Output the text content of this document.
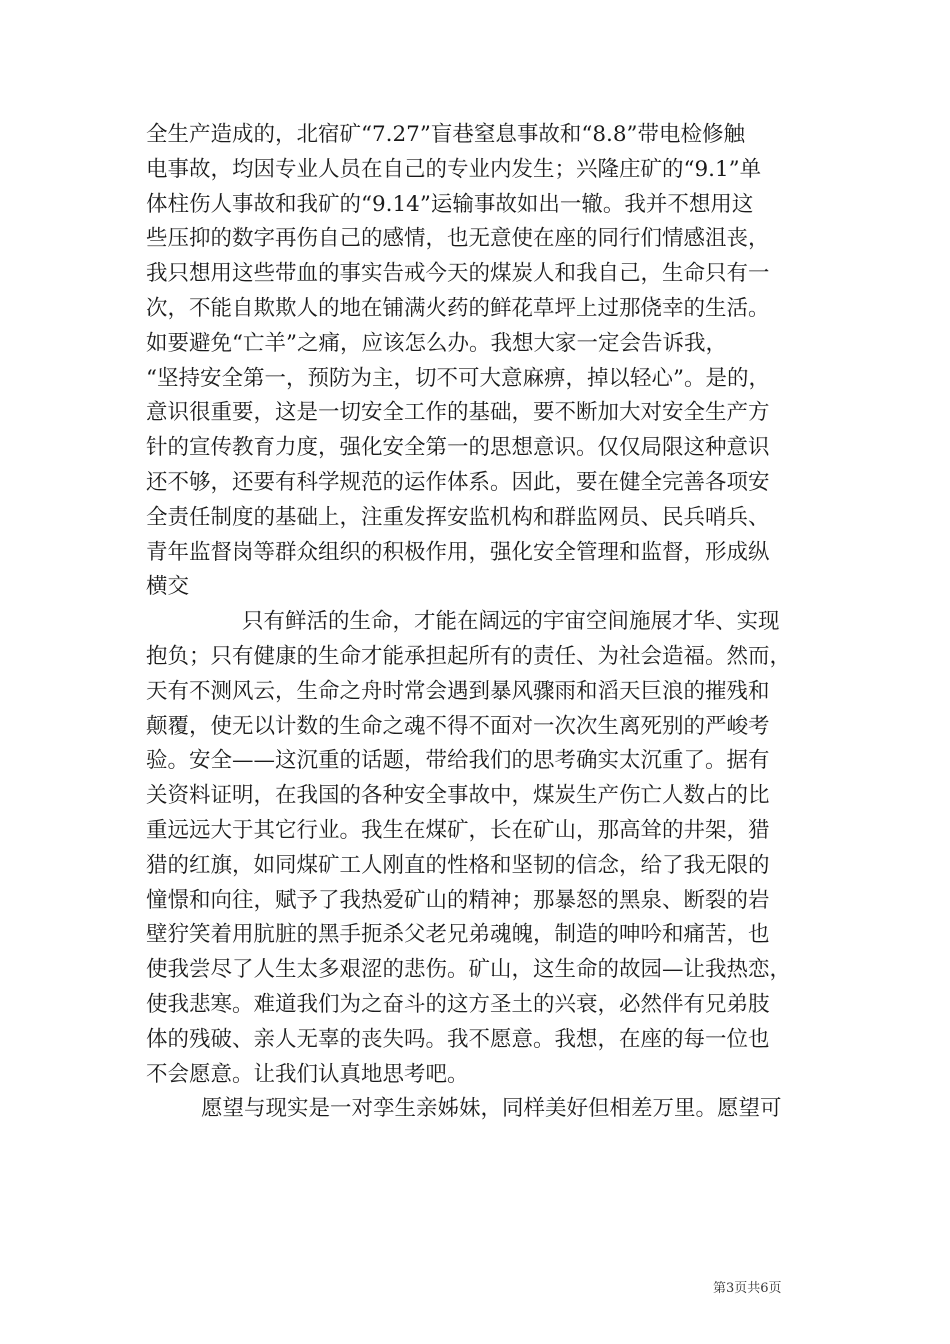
全生产造成的，北宿矿“7.27”盲巷窒息事故和“8.8”带电检修触
电事故，均因专业人员在自己的专业内发生；兴隆庄矿的“9.1”单
体柱伤人事故和我矿的“9.14”运输事故如出一辙。我并不想用这
些压抑的数字再伤自己的感情，也无意使在座的同行们情感沮丧，
我只想用这些带血的事实告戒今天的煤炭人和我自己，生命只有一
次，不能自欺欺人的地在铺满火药的鲜花草坪上过那侥幸的生活。
如要避免“亡羊”之痛，应该怎么办。我想大家一定会告诉我，
“坚持安全第一，预防为主，切不可大意麻痹，掉以轻心”。是的，
意识很重要，这是一切安全工作的基础，要不断加大对安全生产方
针的宣传教育力度，强化安全第一的思想意识。仅仅局限这种意识
还不够，还要有科学规范的运作体系。因此，要在健全完善各项安
全责任制度的基础上，注重发挥安监机构和群监网员、民兵哨兵、
青年监督岗等群众组织的积极作用，强化安全管理和监督，形成纵
横交
只有鲜活的生命，才能在阔远的宇宙空间施展才华、实现
抱负；只有健康的生命才能承担起所有的责任、为社会造福。然而，
天有不测风云，生命之舟时常会遇到暴风骤雨和滔天巨浪的摧残和
颠覆，使无以计数的生命之魂不得不面对一次次生离死别的严峻考
验。安全——这沉重的话题，带给我们的思考确实太沉重了。据有
关资料证明，在我国的各种安全事故中，煤炭生产伤亡人数占的比
重远远大于其它行业。我生在煤矿，长在矿山，那高耸的井架，猎
猎的红旗，如同煤矿工人刚直的性格和坚韧的信念，给了我无限的
憧憬和向往，赋予了我热爱矿山的精神；那暴怒的黑泉、断裂的岩
壁狞笑着用肮脏的黑手扼杀父老兄弟魂魄，制造的呻吟和痛苦，也
使我尝尽了人生太多艰涩的悲伤。矿山，这生命的故园—让我热恋，
使我悲寒。难道我们为之奋斗的这方圣土的兴衰，必然伴有兄弟肢
体的残破、亲人无辜的丧失吗。我不愿意。我想，在座的每一位也
不会愿意。让我们认真地思考吧。
愿望与现实是一对孪生亲姊妹，同样美好但相差万里。愿望可
第3页共6页
